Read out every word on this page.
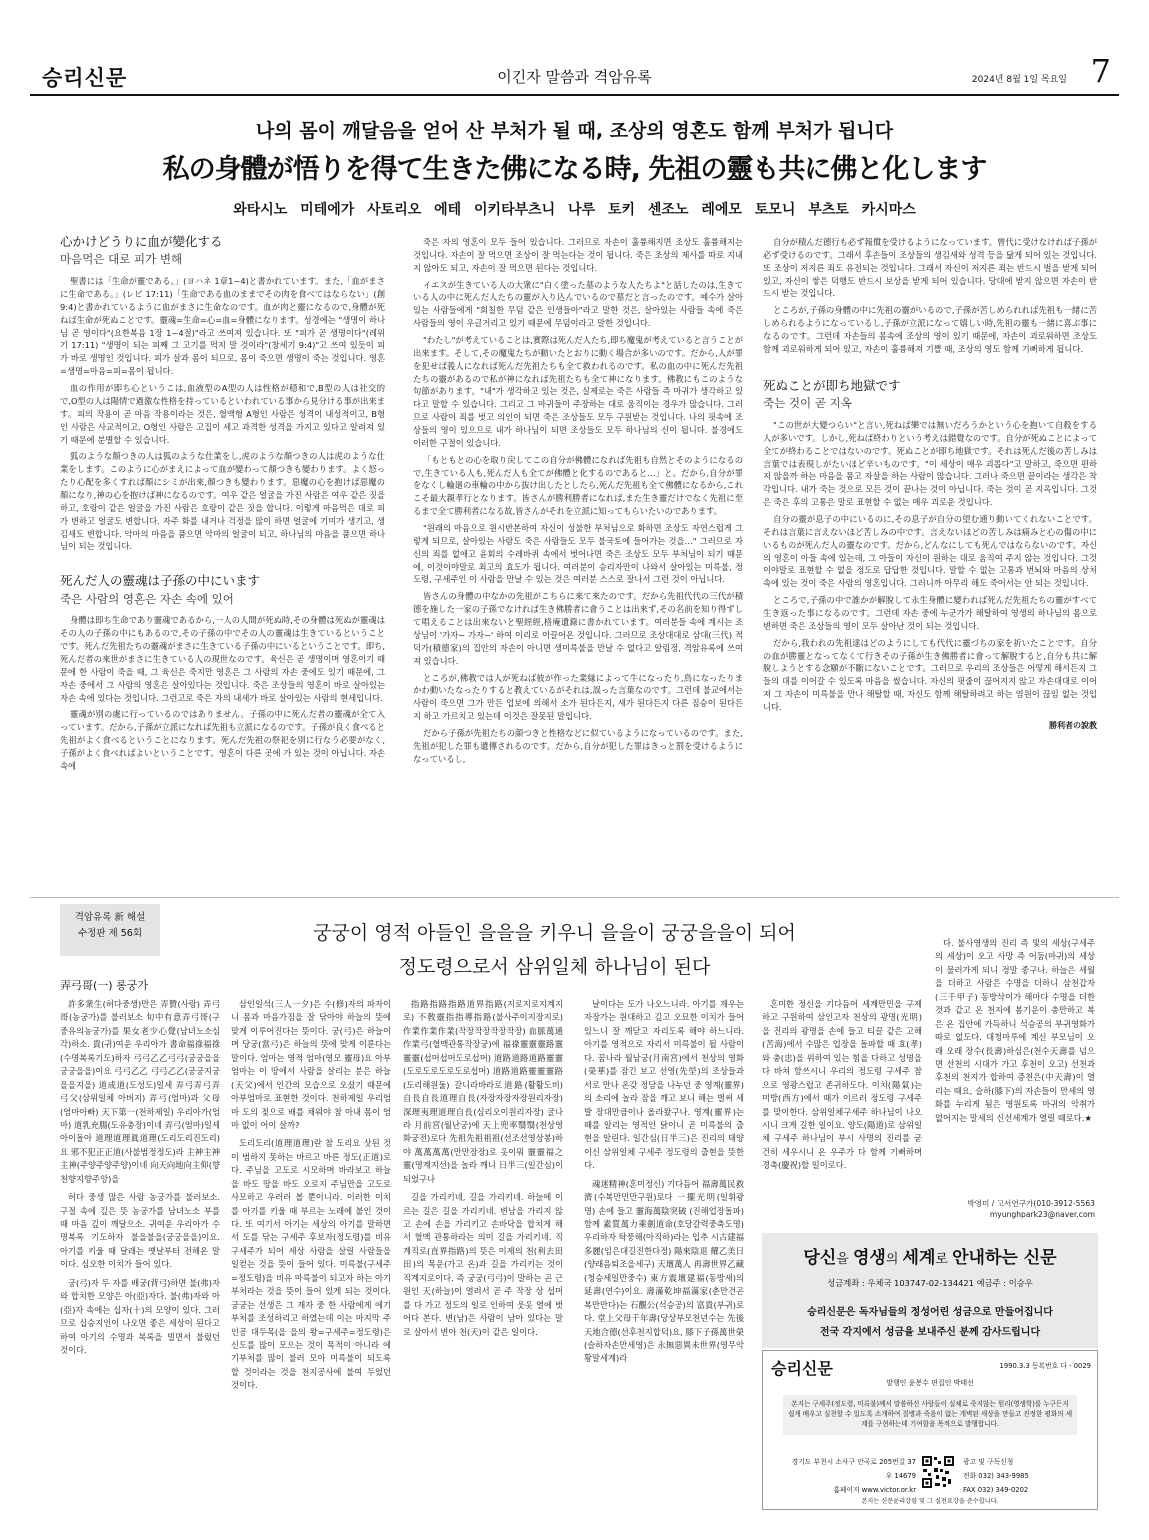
승리신문	이긴자 말씀과 격암유록	2024년 8월 1일 목요일 7
나의 몸이 깨달음을 얻어 산 부처가 될 때, 조상의 영혼도 함께 부처가 됩니다
私の身體が悟りを得て生きた佛になる時, 先祖の靈も共に佛と化します
와타시노 미테에가 사토리오 에테 이키타부츠니 나루 토키 센조노 레에모 토모니 부츠토 카시마스
心かけどうりに血が變化する
마음먹은 대로 피가 변해

聖書には「生命が靈である。」(ヨハネ 1章1~4)と書かれています。また,「血がまさに生命である。」(レビ 17:11)「生命である血のままでその肉を食べてはならない」(創9:4)と書かれているように血がまさに生命なのです。血が肉と靈になるので,身體が死ねば生命が死ぬことです。靈魂=生命=心=血=身體になります。성경에는 "생명이 하나님 곧 영이다"(요한복음 1장 1~4절)"라고 쓰여져 있습니다. 또 "피가 곧 생명이다"(레위기 17:11) "생명이 되는 피째 그 고기를 먹지 말 것이라"(창세기 9:4)"고 쓰여 있듯이 피가 바로 생명인 것입니다. 피가 살과 몸이 되므로, 몸이 죽으면 생명이 죽는 것입니다. 영혼=생명=마음=피=몸이 됩니다.

血の作用が即ち心というこは,血液型のA型の人は性格が穏和で,B型の人は社交的で,O型の人は陽情で過激な性格を持っているといわれている事から見分ける事が出来ます。피의 작용이 곧 마음 작용이라는 것은, 혈액형 A형인 사람은 성격이 내성적이고, B형인 사람은 사교적이고, O형인 사람은 고집이 세고 과격한 성격을 가지고 있다고 알려져 있기 때문에 분별할 수 있습니다.

狐のような顏つきの人は狐のような仕業をし,虎のような顏つきの人は虎のような仕業をします。このように心がまえによって血が變わって顏つきも變わります。よく怒ったり心配を多くすれば顏にシミが出來,顏つきも變わります。惡魔の心を抱けば惡魔の顏になり,神の心を抱けば神になるのです。여우 같은 얼굴을 가진 사람은 여우 같은 짓을 하고, 호랑이 같은 얼굴을 가진 사람은 호랑이 같은 짓을 합니다. 이렇게 마음먹은 대로 피가 변하고 얼굴도 변합니다. 자주 화를 내거나 걱정을 많이 하면 얼굴에 기미가 생기고, 생김새도 변합니다. 악마의 마음을 품으면 악마의 얼굴이 되고, 하나님의 마음을 품으면 하나님이 되는 것입니다.

死んだ人の靈魂は子孫の中にいます
죽은 사람의 영혼은 자손 속에 있어

身體は即ち生命であり靈魂であるから,一人の人間が死ぬ時,その身體は死ぬが靈魂はその人の子孫の中にもあるので,その子孫の中でその人の靈魂は生きているということです。死んだ先祖たちの靈魂がまさに生きている子孫の中にいるということです。即ち,死んだ者の來世がまさに生きている人の現世なのです。육신은 곧 생명이며 영혼이기 때문에 한 사람이 죽을 때, 그 육신은 죽지만 영혼은 그 사람의 자손 중에도 있기 때문에, 그 자손 중에서 그 사람의 영혼은 살아있다는 것입니다. 죽은 조상들의 영혼이 바로 살아있는 자손 속에 있다는 것입니다. 그런고로 죽은 자의 내세가 바로 살아있는 사람의 현세입니다.

靈魂が別の處に行っているのではありません。子孫の中に死んだ者の靈魂が全て入っています。だから,子孫が立派になれば先祖も立派になるのです。子孫が良く食べると先祖がよく食べるということになります。死んだ先祖の祭祀を別に行なう必要がなく,子孫がよく食べればよいということです。영혼이 다른 곳에 가 있는 것이 아닙니다. 자손 속에

죽은 자의 영혼이 모두 들어 있습니다. 그러므로 자손이 훌륭해지면 조상도 훌륭해지는 것입니다. 자손이 잘 먹으면 조상이 잘 먹는다는 것이 됩니다. 죽은 조상의 제사를 따로 지내지 않아도 되고, 자손이 잘 먹으면 된다는 것입니다.

イエスが生きている人の大衆に"白く塗った墓のような人たちよ"と話したのは,生きている人の中に死んだ人たちの靈が入り込んでいるので墓だと言ったのです。예수가 살아있는 사람들에게 "회칠한 무덤 같은 인생들아"라고 말한 것은, 살아있는 사람들 속에 죽은 사람들의 영이 우글거리고 있기 때문에 무덤이라고 말한 것입니다.

"わたし"が考えていることは,實際は死んだ人たち,即ち魔鬼が考えていると言うことが出來ます。そして,その魔鬼たちが動いたとおりに動く場合が多いのです。だから,人が罪を犯せば義人になれば死んだ先祖たちも全て救われるのです。私の血の中に死んだ先祖たちの靈があるので私が神になれば先祖たちも全て神になります。佛教にもこのような句節があります。"내"가 생각하고 있는 것은, 실제로는 죽은 사람들 즉 마귀가 생각하고 있다고 말할 수 있습니다. 그리고 그 마귀들이 주장하는 대로 움직이는 경우가 많습니다. 그러므로 사람이 죄를 벗고 의인이 되면 죽은 조상들도 모두 구원받는 것입니다. 나의 핏속에 조상들의 영이 있으므로 내가 하나님이 되면 조상들도 모두 하나님의 신이 됩니다. 불경에도 이러한 구절이 있습니다.

「もともとの心を取り戻してこの自分が佛體になれば先祖も自然とそのようになるので,生きている人も,死んだ人も全てが佛體と化するのであると…」と。だから,自分が罪をなくし輪廻の車輪の中から抜け出したとしたら,死んだ先祖も全て佛體になるから,これこそ最大親孝行となります。皆さんが勝利勝者になれば,また生き靈だけでなく先祖に至るまで全て勝利者になる故,皆さんがそれを立派に知ってもらいたいのであります。

"원래의 마음으로 원시반본하여 자신이 성불한 부처님으로 화하면 조상도 자연스럽게 그렇게 되므로, 살아있는 사람도 죽은 사람들도 모두 불국토에 들어가는 것을…" 그러므로 자신의 죄를 없애고 윤회의 수레바퀴 속에서 벗어나면 죽은 조상도 모두 부처님이 되기 때문에, 이것이야말로 최고의 효도가 됩니다. 여러분이 승리자만이 나와서 살아있는 미륵불, 정도령, 구세주인 이 사람을 만날 수 있는 것은 여러분 스스로 잘나서 그런 것이 아닙니다.

皆さんの身體の中なかの先祖がこちらに來て來たのです。だから先祖代代の三代が積德を施した一家の子孫でなければ生き佛勝者に會うことは出來ず,その名前を知り得ずして唱えることは出來ないと聖經經,格庵遺錄に書かれています。여러분들 속에 계시는 조상님이 '가자~ 가자~' 하여 이리로 이끌어온 것입니다. 그러므로 조상대대로 삼대(三代) 적덕가(積德家)의 집안의 자손이 아니면 생미륵불을 만날 수 없다고 알림정, 격암유록에 쓰여져 있습니다.

ところが,佛教では人が死ねば彼が作った業縁によって牛になったり,鳥になったりまかわ動いたなったりすると教えているがそれは,誤った言葉なのです。그런데 불교에서는 사람이 죽으면 그가 만든 업보에 의해서 소가 된다든지, 새가 된다든지 다른 짐승이 된다든지 하고 가르치고 있는데 이것은 잘못된 말입니다.

だから子孫が先祖たちの顔つきと性格などに似ているようになっているのです。また,先祖が犯した罪も遺傳されるのです。だから,自分が犯した罪はきっと罰を受けるようになっているし,

自分が積んだ德行も必ず報償を受けるようになっています。曾代に受けなければ子孫が必ず受けるのです。그래서 후손들이 조상들의 생김새와 성격 등을 닮게 되어 있는 것입니다. 또 조상이 저지른 죄도 유전되는 것입니다. 그래서 자신이 저지른 죄는 반드시 벌을 받게 되어 있고, 자신이 쌓은 덕행도 반드시 보상을 받게 되어 있습니다. 당대에 받지 않으면 자손이 반드시 받는 것입니다.

ところが,子孫の身體の中に先祖の靈がいるので,子孫が苦しめられれば先祖も一緒に苦しめられるようになっているし,子孫が立派になって嬉しい時,先祖の靈も一緒に喜ぶ事になるのです。그런데 자손들의 몸속에 조상의 영이 있기 때문에, 자손이 괴로워하면 조상도 함께 괴로워하게 되어 있고, 자손이 훌륭해져 기쁠 때, 조상의 영도 함께 기뻐하게 됩니다.

死ぬことが即ち地獄です
죽는 것이 곧 지옥

"この世が大變つらい"と言い,死ねば樂では無いだろうかという心を抱いて自殺をする人が多いです。しかし,死ねば終わりという考えは錯覺なのです。自分が死ぬことによって全てが終わることではないのです。死ぬことが即ち地獄です。それは死んだ後の苦しみは言葉では表現しがたいほど辛いものです。"이 세상이 매우 괴롭다"고 말하고, 죽으면 편하지 않을까 하는 마음을 품고 자살을 하는 사람이 많습니다. 그러나 죽으면 끝이라는 생각은 착각입니다. 내가 죽는 것으로 모든 것이 끝나는 것이 아닙니다. 죽는 것이 곧 지옥입니다. 그것은 죽은 후의 고통은 말로 표현할 수 없는 매우 괴로운 것입니다.

自分の靈が息子の中にいるのに,その息子が自分の望む通り動いてくれないことです。それは言葉に言えないほど苦しみの中です。言えないほどの苦しみは痛みと心の傷の中にいるものが死んだ人の靈なのです。だから,どんなにしても死んではならないのです。자신의 영혼이 아들 속에 있는데, 그 아들이 자신이 원하는 대로 움직여 주지 않는 것입니다. 그것이야말로 표현할 수 없을 정도로 답답한 것입니다. 말할 수 없는 고통과 번뇌와 마음의 상처 속에 있는 것이 죽은 사람의 영혼입니다. 그러니까 아무리 해도 죽어서는 안 되는 것입니다.

ところで,子孫の中で誰かが解脫して永生身體に變われば死んだ先祖たちの靈がすべて生き返った事になるのです。그런데 자손 중에 누군가가 해탈하여 영생의 하나님의 몸으로 변하면 죽은 조상들의 영이 모두 살아난 것이 되는 것입니다.

だから,我われの先祖達はどのようにしても代代に靈づちの家を祈いたことです。自分の血が勝靈となってなくて行きその子孫が生き佛勝者に會って解脫すると,自分も共に解脫しようとする念願が不斷にないことです。그러므로 우리의 조상들은 어떻게 해서든지 그들의 대를 이어갈 수 있도록 마음을 썼습니다. 자신의 핏줄이 끊어지지 않고 자손대대로 이어져 그 자손이 미륵불을 만나 해탈할 때, 자신도 함께 해탈하려고 하는 염원이 끊임 없는 것입니다.

勝利者の說教
격암유록 新 해설
수정판 제 56회	궁궁이 영적 아들인 을을을 키우니 을을이 궁궁을을이 되어
정도령으로서 삼위일체 하나님이 된다
弄弓哥(一) 롱궁가

許多衆生(허다중생)만은 弄贊(사랑) 弄弓哥(농궁가)를 불러보소 旬中有意弄弓哥(구중유의농궁가)를 果女老少心覺(남녀노소심각)하소. 貴(귀)여운 우리아가 書命福祿福祿(수명복록기도)하자 弓弓乙乙弓弓(궁궁을을궁궁을을)이요 弓弓乙乙 弓弓乙乙(궁궁지궁을을지을) 道成道(도성도)일세 弄弓弄弓弄弓父(삼위일체 아버지) 弄弓(엄마)과 父母(엄마아빠) 天下第一(천하제일) 우리아가(엄마) 道乳充腸(도유충장)이네 弄弓(엄마)일세 아이돌아 道理道理眞道理(도리도리진도리)요 邪不犯正正道(사불범정정도)라 主神主神主神(주양주양주양)이네 向天向地向主仰(향천향지향주앙)을

허다 중생 많은 사람 농궁가를 불러보소. 구절 속에 깊은 뜻 농궁가를 남녀노소 부를 때 마음 깊이 깨달으소. 귀여운 우리아가 수명복록 기도하자 불을불을(궁궁을을)이요. 아기를 키울 때 달래는 옛날부터 전해온 말이다. 심오한 이치가 들어 있다.

궁(弓)자 두 자를 배궁(背弓)하면 불(弗)자와 합치한 모양은 아(亞)자다. 불(弗)자와 아(亞)자 속에는 십자(十)의 모양이 있다. 그러므로 십승지인이 나오면 좋은 세상이 된다고 하여 아기의 수명과 복록을 빌면서 불렀던 것이다.

삼인일석(三人一夕)은 수(修)자의 파자이니 몸과 마음가짐을 잘 닦아야 하늘의 뜻에 맞게 이루어진다는 뜻이다. 궁(弓)은 하늘이며 당궁(當弓)은 하늘의 뜻에 맞게 이룬다는 말이다. 엄마는 영적 엄마(영모 靈母)요 아부엄마는 이 땅에서 사람을 살리는 분은 하늘(天父)에서 인간의 모습으로 오셨기 때문에 아부엄마로 표현한 것이다. 천하제일 우리엄마 도의 젖으로 배를 채워야 참 아내 몸이 엄마 없이 어이 살까?

도리도리(道理道理)란 참 도리요 삿된 것이 범하지 못하는 바르고 바른 정도(正道)로다. 주님을 고도로 시모하며 바라보고 하늘을 바도 땅을 바도 오로지 주님만을 고도로 사모하고 우러러 볼 뿐이니라. 이러한 이치를 아기를 키울 때 부르는 노래에 붙인 것이다. 또 여기서 아기는 세상의 아기를 말하면서 도를 닦는 구세주 후보자(정도령)를 비유 구세주가 되어 세상 사람을 살릴 사람들을 일컫는 것을 뜻이 들어 있다. 미륵불(구세주=정도령)을 비유 마륵불이 되고자 하는 아기부처라는 것을 뜻이 들어 있게 되는 것이다. 궁궁는 선생은 그 재자 중 한 사람에게 에기부처를 조성하리고 하였는데 이는 마지막 주인공 대두목(을 을의 왕=구세주=정도령)은 신도를 많이 모으는 것이 목적이 아니라 에기부처를 많이 불러 모아 미륵불이 되도록 할 것이라는 것을 천지공사에 불여 두었던 것이다.

指路指路指路道界指路(지로지로지계지로) 不敎靈指指導指路(불사주이지장지로) 作業作業作業(작장작장작장작장) 血脈萬通作業弓(혈맥관통작장궁)에 福祿靈靈靈路靈靈靈(섭머섭머도로섭머) 道路道路道路靈靈(도로도로도로도로섭머) 道路道路靈靈靈路(도리해원둘) 갈니라바라로道路(활활도비) 自長自長道理自長(자장자장자장원리자장) 深理夷理道理自長(심리오이원리자장) 굴나라 月前宮(월난궁)에 天上兜率翳翳(천상영화궁전)로다 先祖先祖祖祖(선조선영상봉)하야 萬萬萬萬(만만장장)로 옷이뭐 靈靈福之靈(명계지선)을 놀라 깨니 日半三(일간심)이 되었구나

길을 가리키네, 길을 가리키네. 하늘에 이르는 길은 길을 가리키네. 변남을 가리지 않고 손에 손을 가리키고 손바닥을 합치게 해서 혈맥 관통하라는 의미 길을 가리키네. 직계직로(直界指路)의 뜻은 이제의 천(利去田田)의 목운(가고 온)과 길을 가리키는 것이 직계지로이다. 즉 궁궁(弓弓)이 말하는 곤 근원인 天(하늘)이 열려서 곧 주 작장 상 섭머를 다 가고 정도의 일로 인하여 웃옷 열에 벗어다 본다. 변(남)은 사람이 남아 있다는 말로 살아서 변아 천(天)이 같은 일이다.

날이다는 도가 나오느니라. 아기를 재우는 자장가는 원대하고 깊고 오묘한 이치가 들어 있느니 잘 깨닫고 자리도록 해야 하느니라. 아기를 영적으로 자리서 미륵불이 될 사람이다. 꿈나라 월남궁(月南宮)에서 천상의 영화(榮華)를 잠긴 보고 선영(先塋)의 조상들과 서로 만나 온갖 정담을 나누던 중 영계(靈界)의 소리에 놀라 잠을 깨고 보니 해는 벌써 세 발 장대만큼이나 올라왔구나. 영계(靈界)는 때를 알리는 영적인 닭이니 곧 미륵불의 출현을 알린다. 일간심(日半三)은 진리의 태양이신 삼위일체 구세주 정도령의 출현을 뜻한다.

魂迷精神(혼미정신) 기다듬어 福壽萬民救濟(수복만민만구원)로다 一擺光明(일휘광명) 손에 들고 靈海萬陰突破 (진해업장돌파) 함께 素質萬力乘劍道命(호당갈력중축도명) 우리하자 탁풍해(아직하)라는 입추 시古建福多麗(임은대길진한다정) 陽來陰退 耀乙美日(양래음퇴조을세구) 天壇萬人 再壽世界乙藏(청승세일만중수) 東方震壇建福(동방새)의 延壽(연수)이요. 壽滿乾坤福滿家(춘만건곤복만만다)는 石觀公(석승공)의 富貴(부귀)로다. 堂上父母千年壽(당상부모천년수는 先後天地合德(선후천지합덕)요, 膝下子孫萬世榮(슬하자손만세영)은 永無惡異未世界(영무악황말세계)라

혼미한 정신을 기다듬어 세계만민을 구제하고 구원하여 삼인고자 천상의 광명(光明)을 진리의 광명을 손에 들고 티끌 같은 고해(苦海)에서 수많은 업장을 돌파할 때 효(孝)와 충(忠)을 위하여 있는 힘을 다하고 성명을 다 바쳐 함쓰시니 우리의 정도령 구세주 참으로 영광스럽고 존귀하도다. 이치(陽氣)는 미방(西方)에서 때가 이르러 정도령 구세주를 맞이한다. 삼위일체구세주 하나님이 나오시니 크게 길한 일이요. 양도(陽道)로 삼위일체 구세주 하나님이 부시 사명의 진리를 굳건히 세우시니 온 우주가 다 함께 기뻐하며 경축(慶祝)할 일이로다.

다. 불사영생의 진리 즉 빛의 세상(구세주의 세상)이 오고 사망 즉 어둠(마귀)의 세상이 물러가게 되니 정말 좋구나. 하늘은 세월을 더하고 사람은 수명을 더하니 삼천갑자(三千甲子) 동방삭이가 해마다 수명을 더한 것과 같고 온 천지에 봄기운이 충만하고 복은 온 집안에 가득하니 석승공의 부귀영화가 따로 없도다. 대청마루에 계신 부모님이 오래 오래 장수(長壽)하심은(천수天壽를 넘으면 선천의 시대가 가고 후천이 오고) 선천과 후천의 천지가 합하여 증천은(中天壽)이 열리는 때요, 슬하(膝下)의 자손들이 만세의 영화를 누리게 됨은 영원토록 마귀의 악취가 없어지는 말세의 신선세계가 열릴 때로다.★

박영미 / 고서연구가(010-3912-5563
myunghpark23@naver.com
당신을 영생의 세계로 안내하는 신문
성금계좌 : 우체국 103747-02-134421 예금주 : 이승우
승리신문은 독자님들의 정성어린 성금으로 만들어집니다
전국 각지에서 성금을 보내주신 분께 감사드립니다
승리신문	1990.3.3 등록번호 다 - 0029
발행인 윤봉수 편집인 박태선
본지는 구세주(정도령, 미륵불)께서 말씀하신 사람들이 실체로 죽지않는 원리(영생학)를 누구든지 쉽게 배우고 실천할 수 있도록 소개하여 질병과 죽음이 없는 개벽된 세상을 만들고 진정한 평화의 세계를 구현하는데 기여함을 목적으로 발행합니다.
경기도 부천시 소사구 안곡로 205번길 37
우 14679
홈페이지 www.victor.or.kr
광고 및 구독신청
전화 032) 343-9985
FAX 032) 349-0202
본지는 신문윤리강령 및 그 실천요강을 준수합니다.
